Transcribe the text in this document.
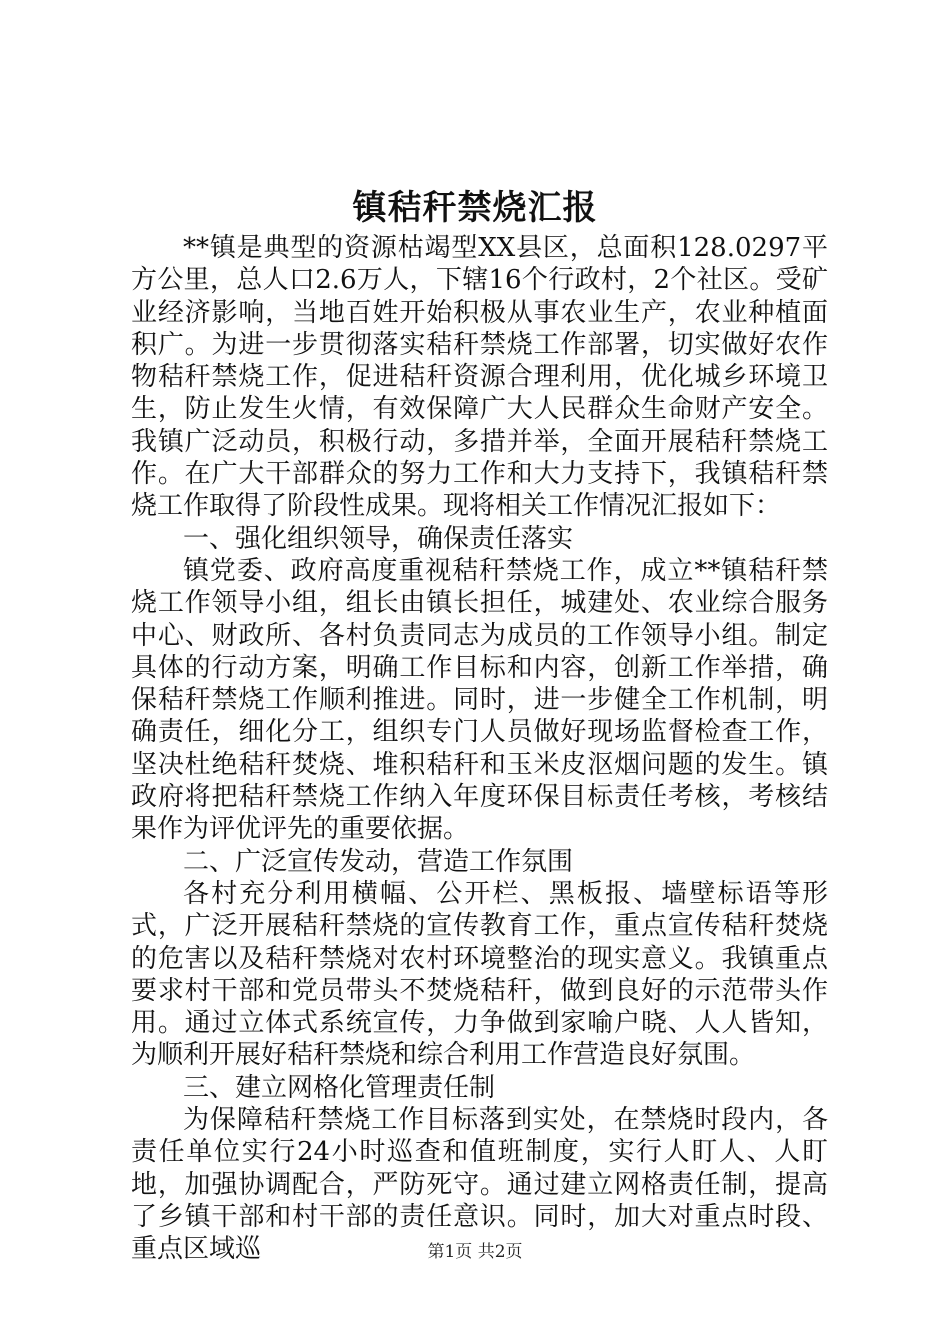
镇秸秆禁烧汇报

**镇是典型的资源枯竭型XX县区，总面积128.0297平方公里，总人口2.6万人，下辖16个行政村，2个社区。受矿业经济影响，当地百姓开始积极从事农业生产，农业种植面积广。为进一步贯彻落实秸秆禁烧工作部署，切实做好农作物秸秆禁烧工作，促进秸秆资源合理利用，优化城乡环境卫生，防止发生火情，有效保障广大人民群众生命财产安全。我镇广泛动员，积极行动，多措并举，全面开展秸秆禁烧工作。在广大干部群众的努力工作和大力支持下，我镇秸秆禁烧工作取得了阶段性成果。现将相关工作情况汇报如下：

一、强化组织领导，确保责任落实

镇党委、政府高度重视秸秆禁烧工作，成立**镇秸秆禁烧工作领导小组，组长由镇长担任，城建处、农业综合服务中心、财政所、各村负责同志为成员的工作领导小组。制定具体的行动方案，明确工作目标和内容，创新工作举措，确保秸秆禁烧工作顺利推进。同时，进一步健全工作机制，明确责任，细化分工，组织专门人员做好现场监督检查工作，坚决杜绝秸秆焚烧、堆积秸秆和玉米皮沤烟问题的发生。镇政府将把秸秆禁烧工作纳入年度环保目标责任考核，考核结果作为评优评先的重要依据。

二、广泛宣传发动，营造工作氛围

各村充分利用横幅、公开栏、黑板报、墙壁标语等形式，广泛开展秸秆禁烧的宣传教育工作，重点宣传秸秆焚烧的危害以及秸秆禁烧对农村环境整治的现实意义。我镇重点要求村干部和党员带头不焚烧秸秆，做到良好的示范带头作用。通过立体式系统宣传，力争做到家喻户晓、人人皆知，为顺利开展好秸秆禁烧和综合利用工作营造良好氛围。

三、建立网格化管理责任制

为保障秸秆禁烧工作目标落到实处，在禁烧时段内，各责任单位实行24小时巡查和值班制度，实行人盯人、人盯地，加强协调配合，严防死守。通过建立网格责任制，提高了乡镇干部和村干部的责任意识。同时，加大对重点时段、重点区域巡	第1页 共2页
